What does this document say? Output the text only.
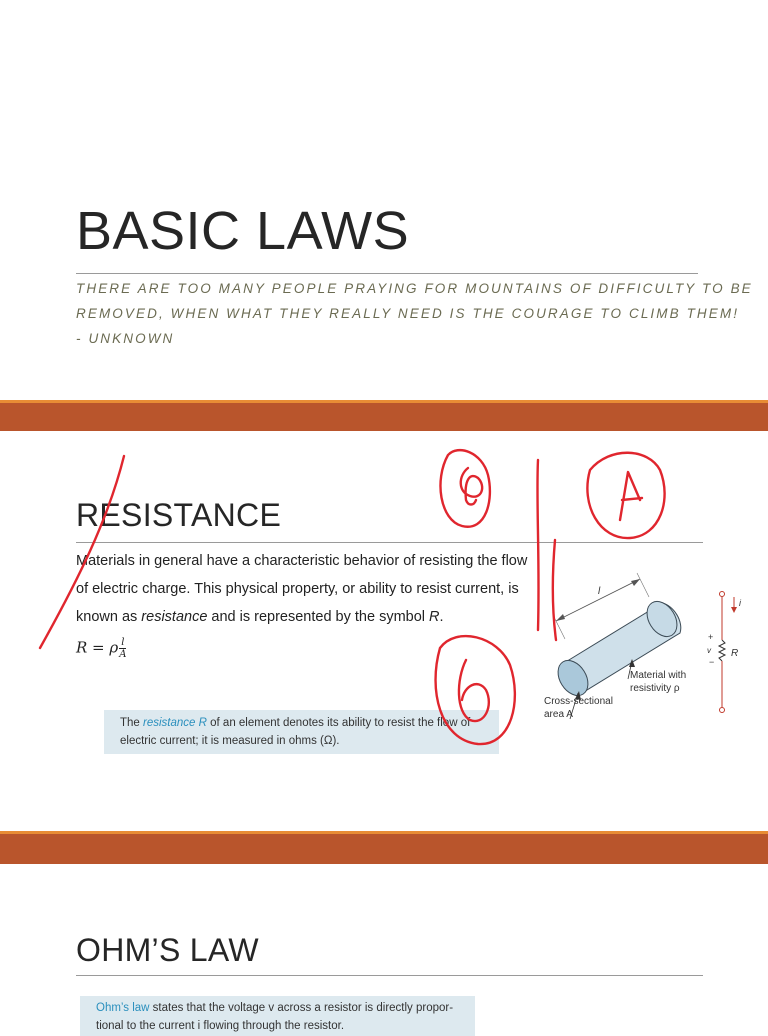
BASIC LAWS
THERE ARE TOO MANY PEOPLE PRAYING FOR MOUNTAINS OF DIFFICULTY TO BE
REMOVED, WHEN WHAT THEY REALLY NEED IS THE COURAGE TO CLIMB THEM!
- UNKNOWN
RESISTANCE

Materials in general have a characteristic behavior of resisting the flow

of electric charge. This physical property, or ability to resist current, is

known as resistance and is represented by the symbol R.

R = ρ $\frac{l}{A}$
The resistance R of an element denotes its ability to resist the flow of
electric current; it is measured in ohms (Ω).
l
Material with
resistivity ρ
Cross-sectional
area A
i
+
v
−
R
OHM’S LAW
Ohm’s law states that the voltage v across a resistor is directly propor-
tional to the current i flowing through the resistor.
